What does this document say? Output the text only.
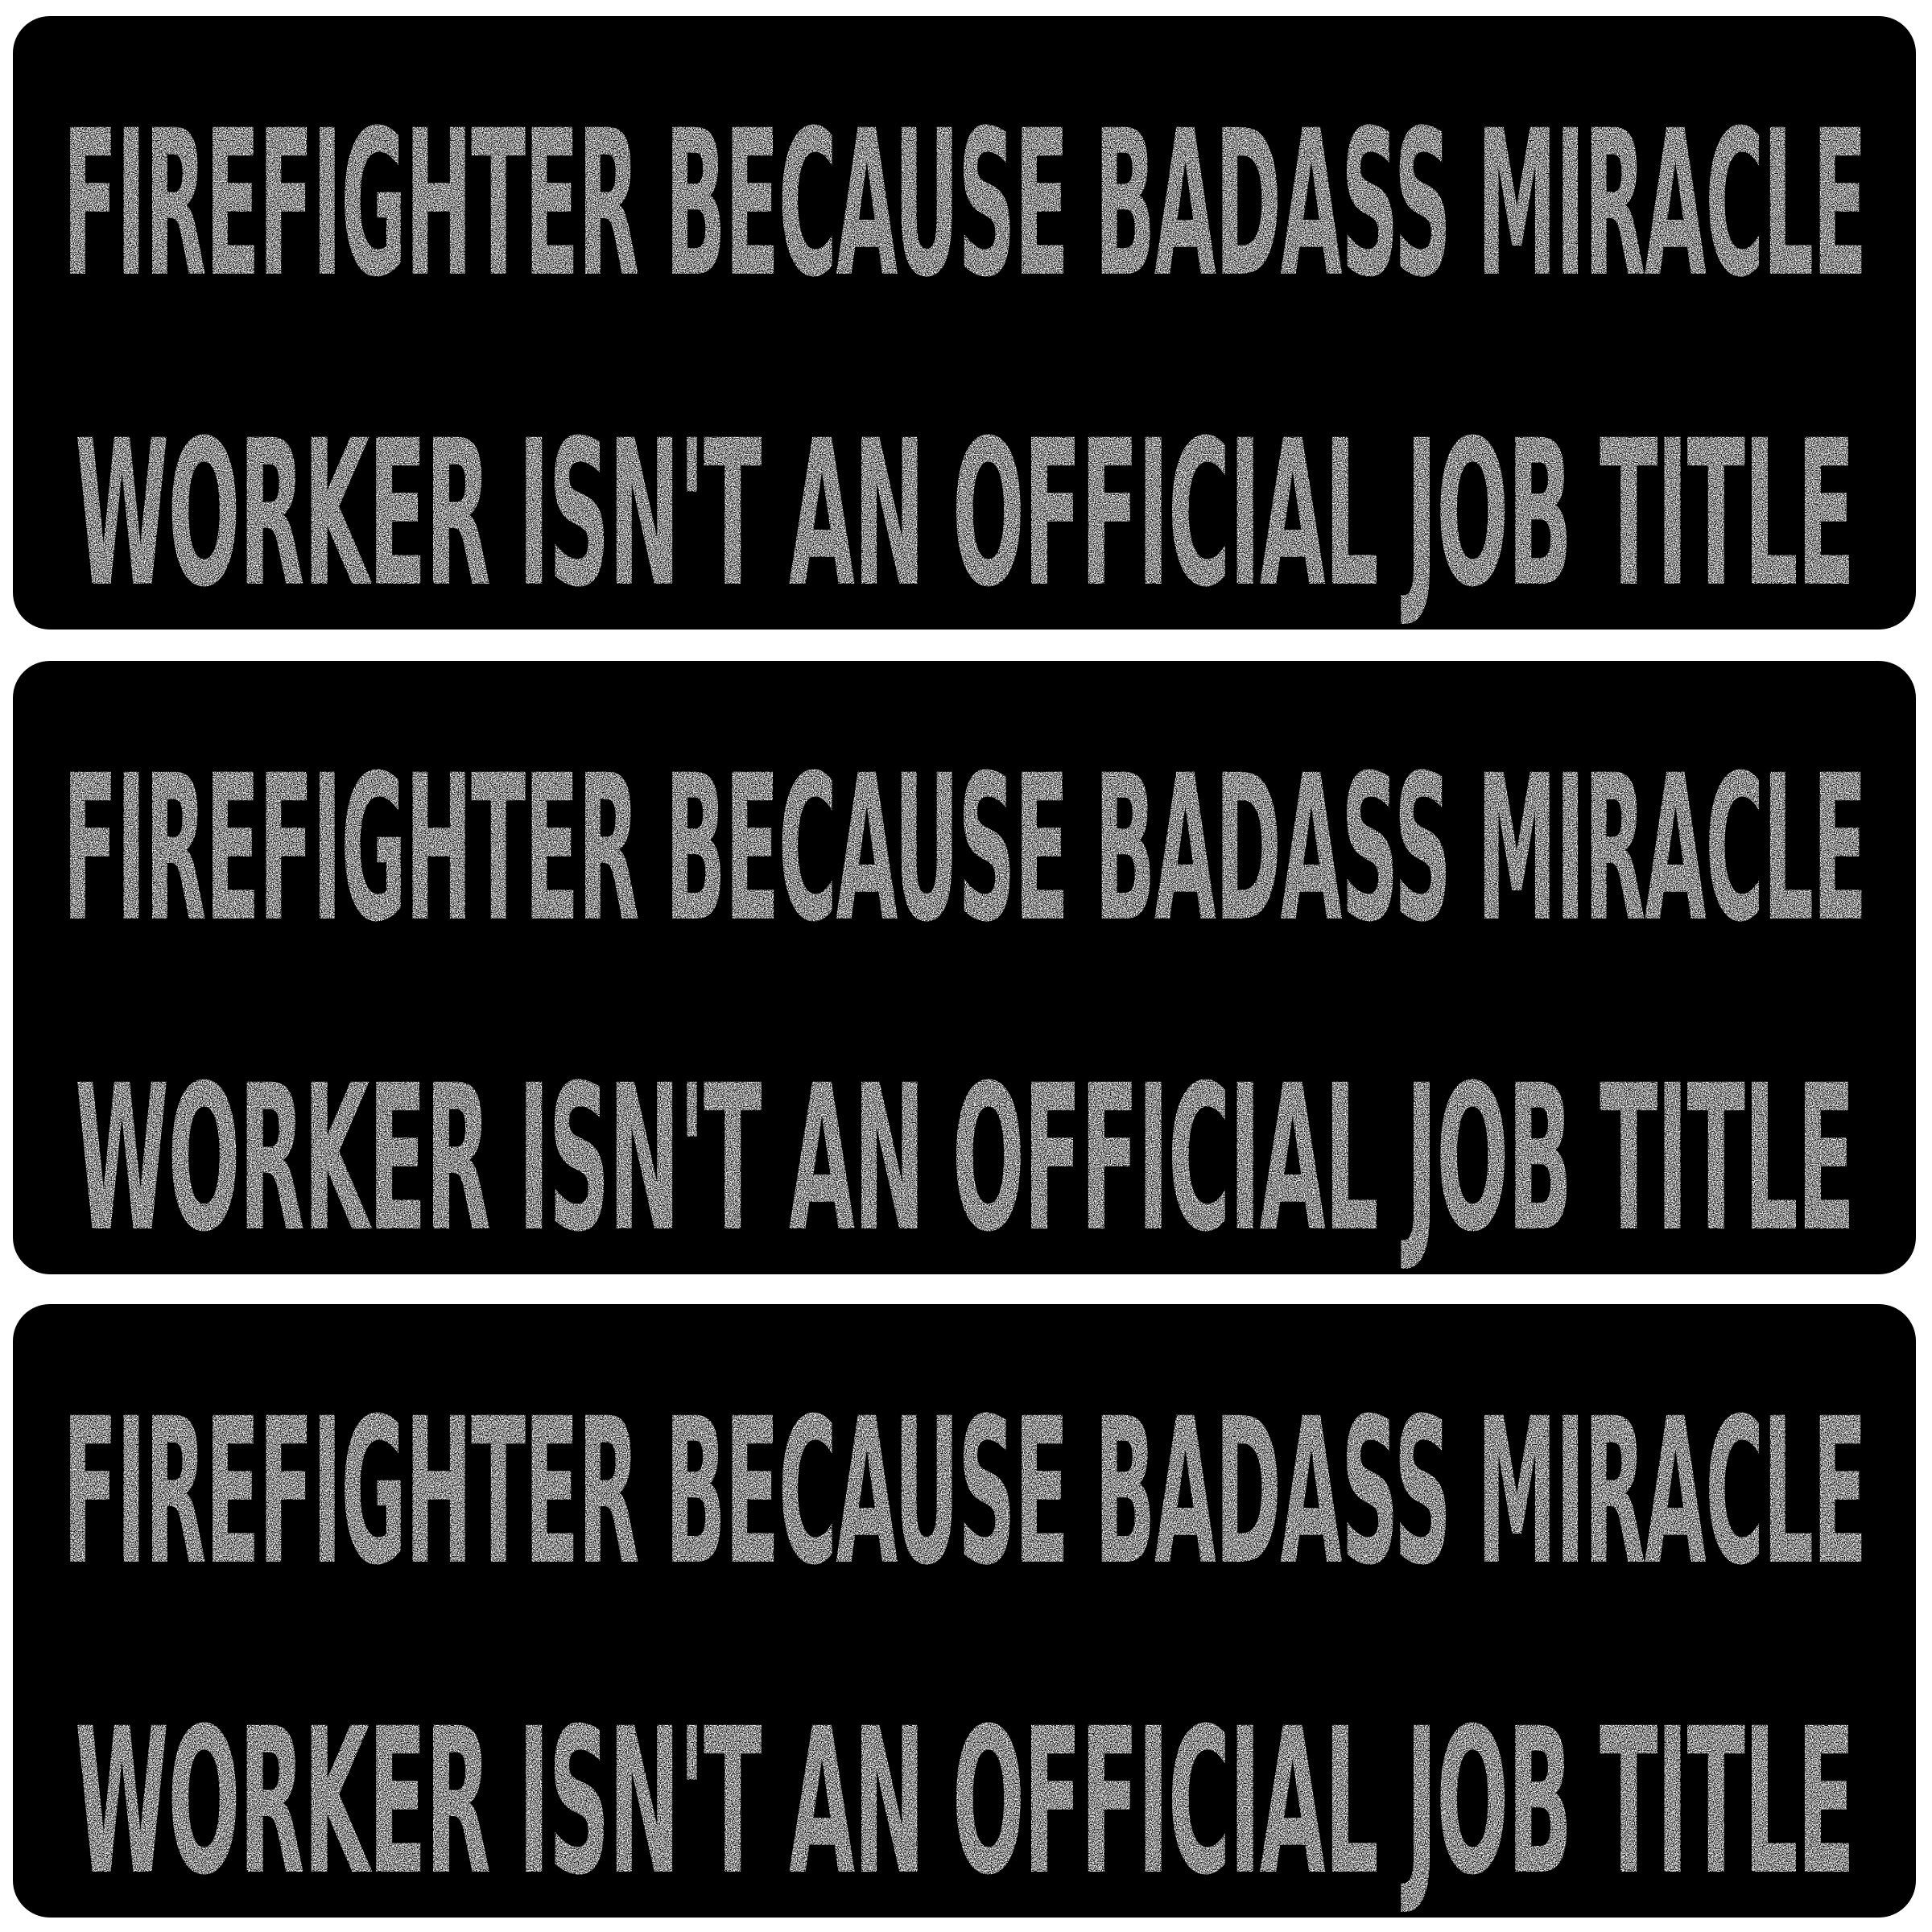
FIREFIGHTER BECAUSE BADASS MIRACLE
WORKER ISN'T AN OFFICIAL JOB TITLE
FIREFIGHTER BECAUSE BADASS MIRACLE
WORKER ISN'T AN OFFICIAL JOB TITLE
FIREFIGHTER BECAUSE BADASS MIRACLE
WORKER ISN'T AN OFFICIAL JOB TITLE
